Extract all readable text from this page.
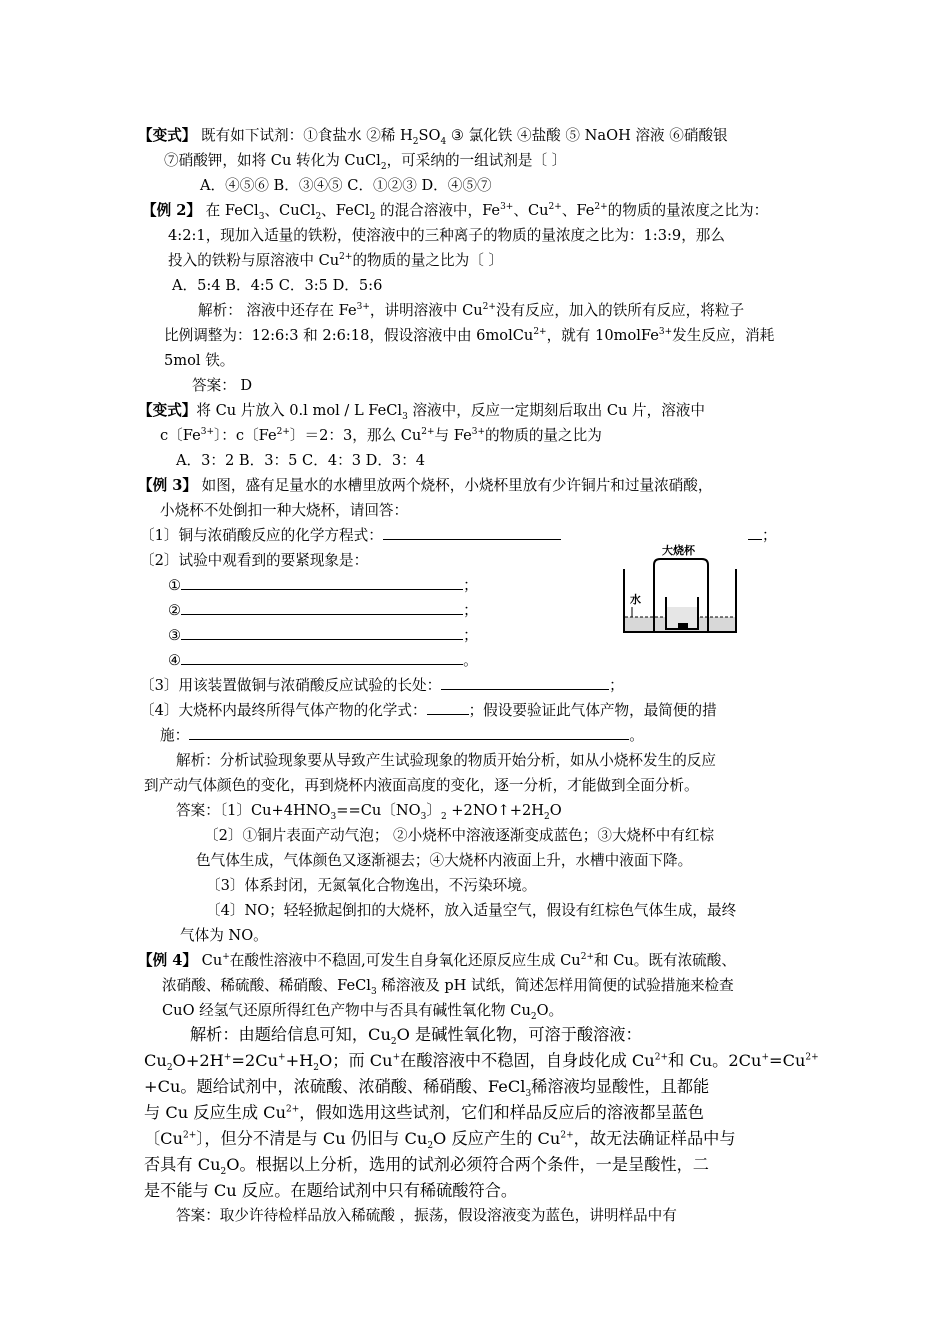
【变式】 既有如下试剂：①食盐水 ②稀 $H_2SO_4$ ③ 氯化铁 ④盐酸 ⑤ NaOH 溶液 ⑥硝酸银
⑦硝酸钾，如将 Cu 转化为 CuCl$_2$，可采纳的一组试剂是〔 〕
A．④⑤⑥ B．③④⑤ C．①②③ D．④⑤⑦
【例 2】 在 FeCl$_3$、CuCl$_2$、FeCl$_2$ 的混合溶液中，$Fe^{3+}$、$Cu^{2+}$、$Fe^{2+}$的物质的量浓度之比为：
4:2:1，现加入适量的铁粉，使溶液中的三种离子的物质的量浓度之比为：1:3:9，那么
投入的铁粉与原溶液中 $Cu^{2+}$的物质的量之比为〔 〕
A．5:4 B．4:5 C．3:5 D．5:6
解析： 溶液中还存在 $Fe^{3+}$，讲明溶液中 $Cu^{2+}$没有反应，加入的铁所有反应，将粒子
比例调整为：12:6:3 和 2:6:18，假设溶液中由 6molCu$^{2+}$，就有 10molFe$^{3+}$发生反应，消耗
5mol 铁。
答案： D
【变式】将 Cu 片放入 0.l mol / L FeCl$_3$ 溶液中，反应一定期刻后取出 Cu 片，溶液中
c〔$Fe^{3+}$〕：c〔$Fe^{2+}$〕＝2：3，那么 $Cu^{2+}$与 $Fe^{3+}$的物质的量之比为
A．3：2 B．3：5 C．4：3 D．3：4
【例 3】 如图，盛有足量水的水槽里放两个烧杯，小烧杯里放有少许铜片和过量浓硝酸，
小烧杯不处倒扣一种大烧杯，请回答：
〔1〕铜与浓硝酸反应的化学方程式：	；
〔2〕试验中观看到的要紧现象是：
①	；
②	；
③	；
④	。
大烧杯
水
〔3〕用该装置做铜与浓硝酸反应试验的长处：	；
〔4〕大烧杯内最终所得气体产物的化学式：	；假设要验证此气体产物，最简便的措
施：	。
解析：分析试验现象要从导致产生试验现象的物质开始分析，如从小烧杯发生的反应
到产动气体颜色的变化，再到烧杯内液面高度的变化，逐一分析，才能做到全面分析。
答案：〔1〕$Cu+4HNO_3==Cu$〔$NO_3$〕$_2 +2NO↑+2H_2O$
〔2〕①铜片表面产动气泡； ②小烧杯中溶液逐渐变成蓝色；③大烧杯中有红棕
色气体生成，气体颜色又逐渐褪去；④大烧杯内液面上升，水槽中液面下降。
〔3〕体系封闭，无氮氧化合物逸出，不污染环境。
〔4〕NO；轻轻掀起倒扣的大烧杯，放入适量空气，假设有红棕色气体生成，最终
气体为 NO。
【例 4】 Cu+在酸性溶液中不稳固,可发生自身氧化还原反应生成 $Cu^{2+}$和 Cu。既有浓硫酸、
浓硝酸、稀硫酸、稀硝酸、FeCl$_3$ 稀溶液及 pH 试纸，简述怎样用简便的试验措施来检查
CuO 经氢气还原所得红色产物中与否具有碱性氧化物 $Cu_2O$。
解析：由题给信息可知，$Cu_2O$ 是碱性氧化物，可溶于酸溶液：
$Cu_2O+2H^+=2Cu^++H_2O$；而 Cu+在酸溶液中不稳固，自身歧化成 $Cu^{2+}$和 Cu。$2Cu^+=Cu^{2+}$
+Cu。题给试剂中，浓硫酸、浓硝酸、稀硝酸、FeCl$_3$稀溶液均显酸性，且都能
与 Cu 反应生成 $Cu^{2+}$，假如选用这些试剂，它们和样品反应后的溶液都呈蓝色
〔$Cu^{2+}$〕，但分不清是与 Cu 仍旧与 $Cu_2O$ 反应产生的 $Cu^{2+}$，故无法确证样品中与
否具有 $Cu_2O$。根据以上分析，选用的试剂必须符合两个条件，一是呈酸性，二
是不能与 Cu 反应。在题给试剂中只有稀硫酸符合。
答案：取少许待检样品放入稀硫酸 ，振荡，假设溶液变为蓝色，讲明样品中有
